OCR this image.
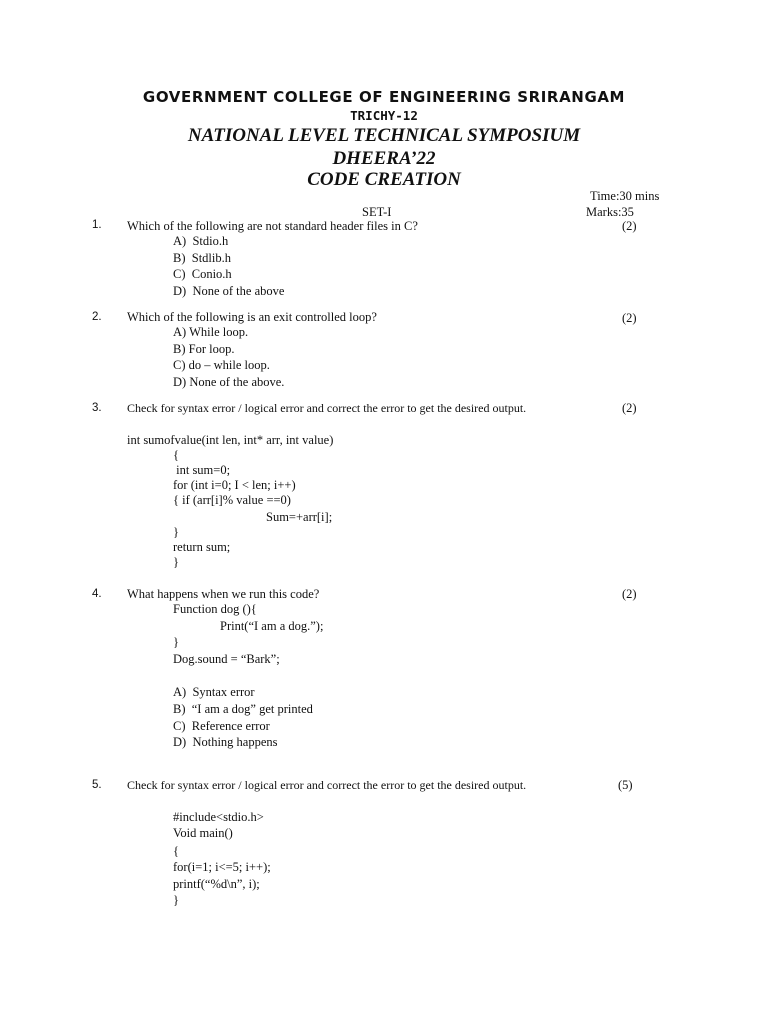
GOVERNMENT COLLEGE OF ENGINEERING SRIRANGAM
TRICHY-12
NATIONAL LEVEL TECHNICAL SYMPOSIUM
DHEERA’22
CODE CREATION
Time:30 mins
SET-I	Marks:35
1. Which of the following are not standard header files in C?	(2)
A)  Stdio.h
B)  Stdlib.h
C)  Conio.h
D)  None of the above
2. Which of the following is an exit controlled loop?	(2)
A) While loop.
B) For loop.
C) do – while loop.
D) None of the above.
3. Check for syntax error / logical error and correct the error to get the desired output.	(2)
int sumofvalue(int len, int* arr, int value)
{
int sum=0;
for (int i=0; I < len; i++)
{ if (arr[i]% value ==0)
Sum=+arr[i];
}
return sum;
}
4. What happens when we run this code?	(2)
Function dog (){
Print(“I am a dog.”);
}
Dog.sound = “Bark”;
A)  Syntax error
B)  “I am a dog” get printed
C)  Reference error
D)  Nothing happens
5. Check for syntax error / logical error and correct the error to get the desired output.	(5)
#include<stdio.h>
Void main()
{
for(i=1; i<=5; i++);
printf(“%d\n”, i);
}
